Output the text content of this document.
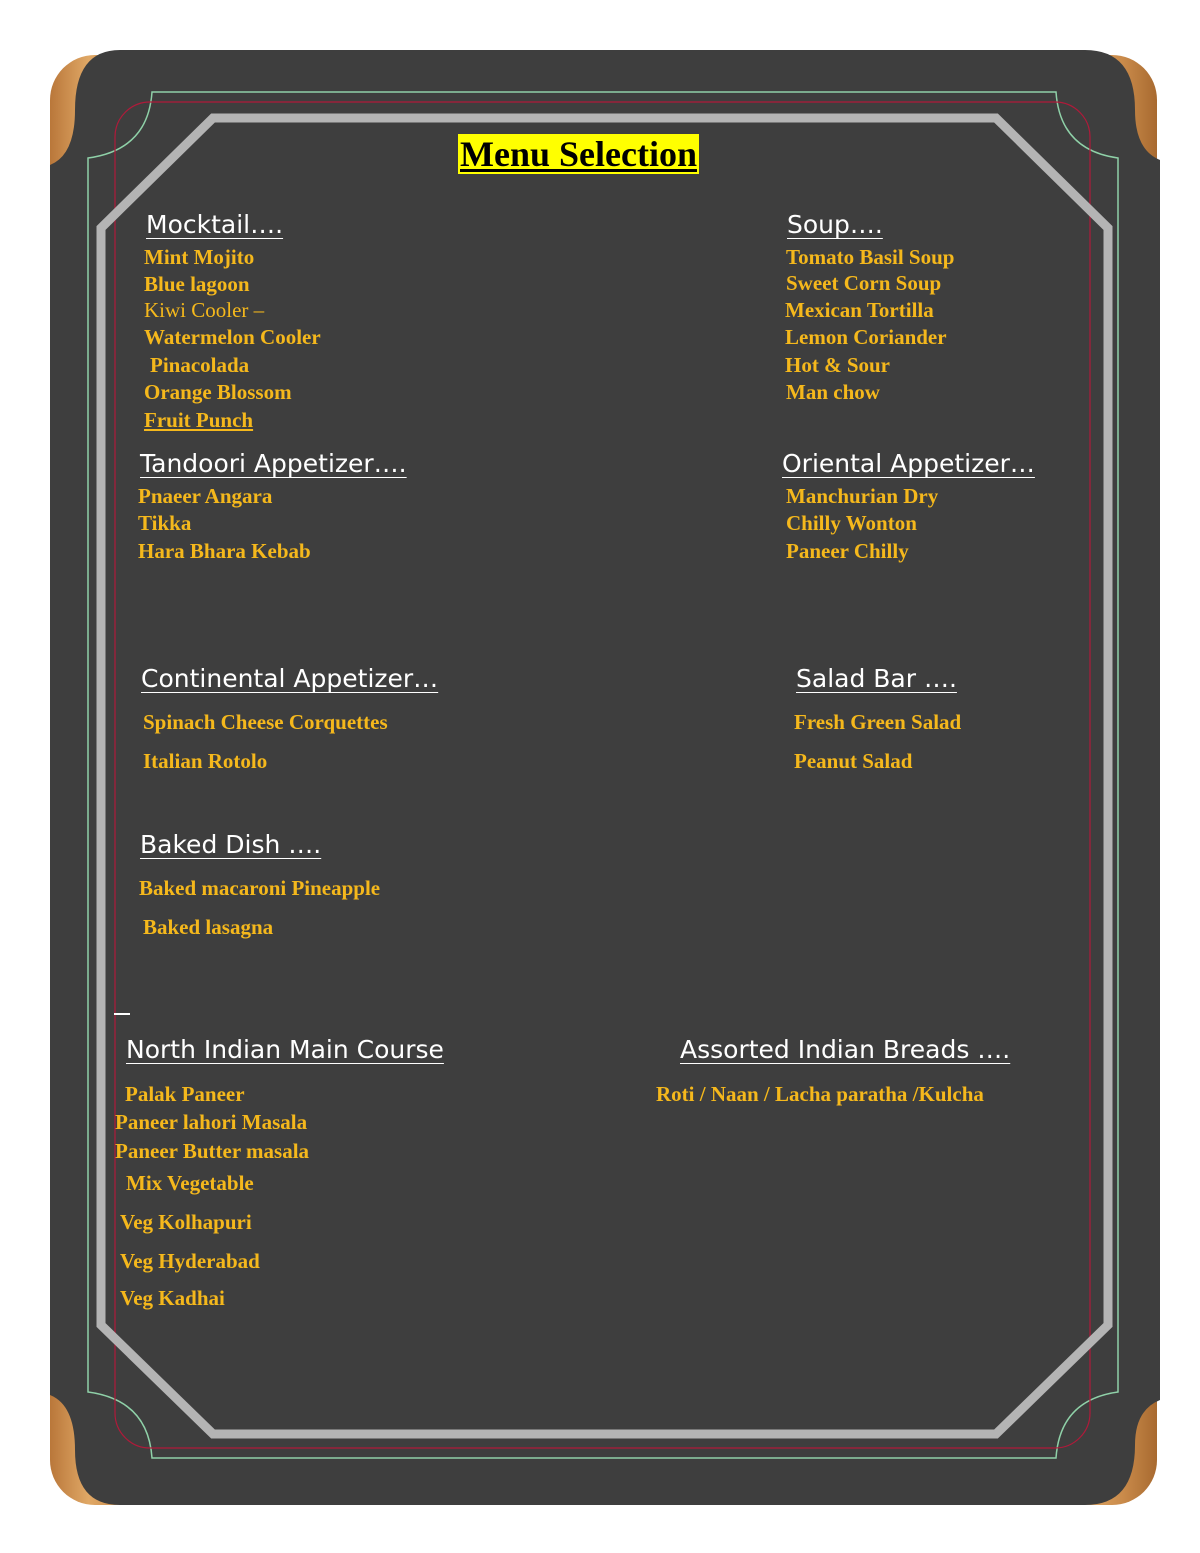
Menu Selection
Mocktail….
Mint Mojito
Blue lagoon
Kiwi Cooler –
Watermelon Cooler
Pinacolada
Orange Blossom
Fruit Punch
Soup….
Tomato Basil Soup
Sweet Corn Soup
Mexican Tortilla
Lemon Coriander
Hot & Sour
Man chow
Tandoori Appetizer….
Pnaeer Angara
Tikka
Hara Bhara Kebab
Oriental Appetizer…
Manchurian Dry
Chilly Wonton
Paneer Chilly
Continental Appetizer…
Spinach Cheese Corquettes
Italian Rotolo
Salad Bar ….
Fresh Green Salad
Peanut Salad
Baked Dish ….
Baked macaroni Pineapple
Baked lasagna
North Indian Main Course
Palak Paneer
Paneer lahori Masala
Paneer Butter masala
Mix Vegetable
Veg Kolhapuri
Veg Hyderabad
Veg Kadhai
Assorted Indian Breads ….
Roti / Naan / Lacha paratha /Kulcha
